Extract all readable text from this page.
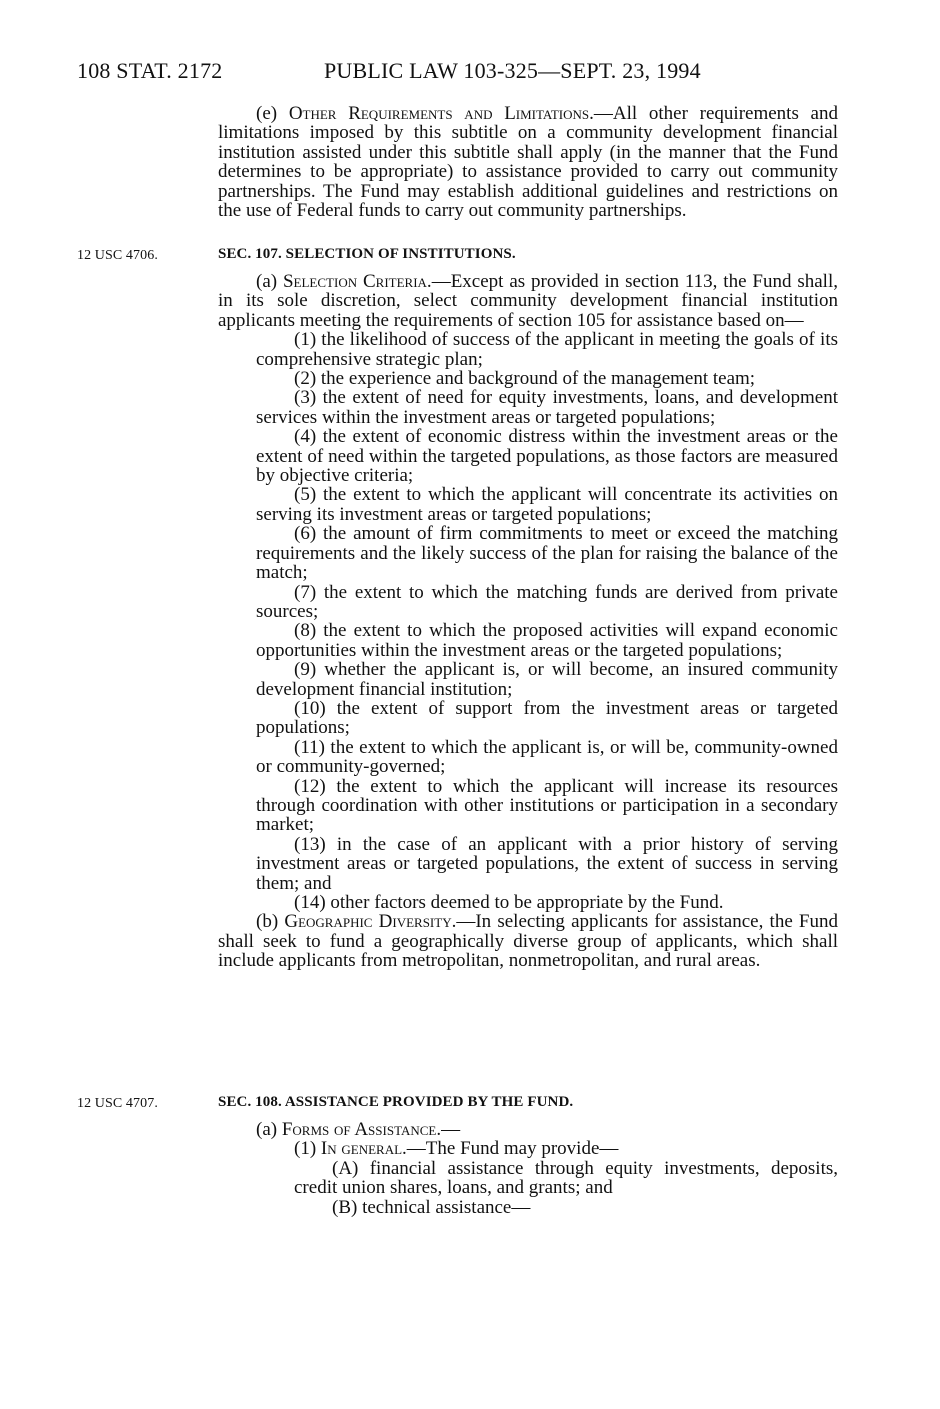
108 STAT. 2172	PUBLIC LAW 103-325—SEPT. 23, 1994

(e) Other Requirements and Limitations.—All other requirements and limitations imposed by this subtitle on a community development financial institution assisted under this subtitle shall apply (in the manner that the Fund determines to be appropriate) to assistance provided to carry out community partnerships. The Fund may establish additional guidelines and restrictions on the use of Federal funds to carry out community partnerships.

12 USC 4706.	SEC. 107. SELECTION OF INSTITUTIONS.

(a) Selection Criteria.—Except as provided in section 113, the Fund shall, in its sole discretion, select community development financial institution applicants meeting the requirements of section 105 for assistance based on—

(1) the likelihood of success of the applicant in meeting the goals of its comprehensive strategic plan;

(2) the experience and background of the management team;

(3) the extent of need for equity investments, loans, and development services within the investment areas or targeted populations;

(4) the extent of economic distress within the investment areas or the extent of need within the targeted populations, as those factors are measured by objective criteria;

(5) the extent to which the applicant will concentrate its activities on serving its investment areas or targeted populations;

(6) the amount of firm commitments to meet or exceed the matching requirements and the likely success of the plan for raising the balance of the match;

(7) the extent to which the matching funds are derived from private sources;

(8) the extent to which the proposed activities will expand economic opportunities within the investment areas or the targeted populations;

(9) whether the applicant is, or will become, an insured community development financial institution;

(10) the extent of support from the investment areas or targeted populations;

(11) the extent to which the applicant is, or will be, community-owned or community-governed;

(12) the extent to which the applicant will increase its resources through coordination with other institutions or participation in a secondary market;

(13) in the case of an applicant with a prior history of serving investment areas or targeted populations, the extent of success in serving them; and

(14) other factors deemed to be appropriate by the Fund.

(b) Geographic Diversity.—In selecting applicants for assistance, the Fund shall seek to fund a geographically diverse group of applicants, which shall include applicants from metropolitan, nonmetropolitan, and rural areas.

12 USC 4707.	SEC. 108. ASSISTANCE PROVIDED BY THE FUND.

(a) Forms of Assistance.—

(1) In general.—The Fund may provide—

(A) financial assistance through equity investments, deposits, credit union shares, loans, and grants; and

(B) technical assistance—
